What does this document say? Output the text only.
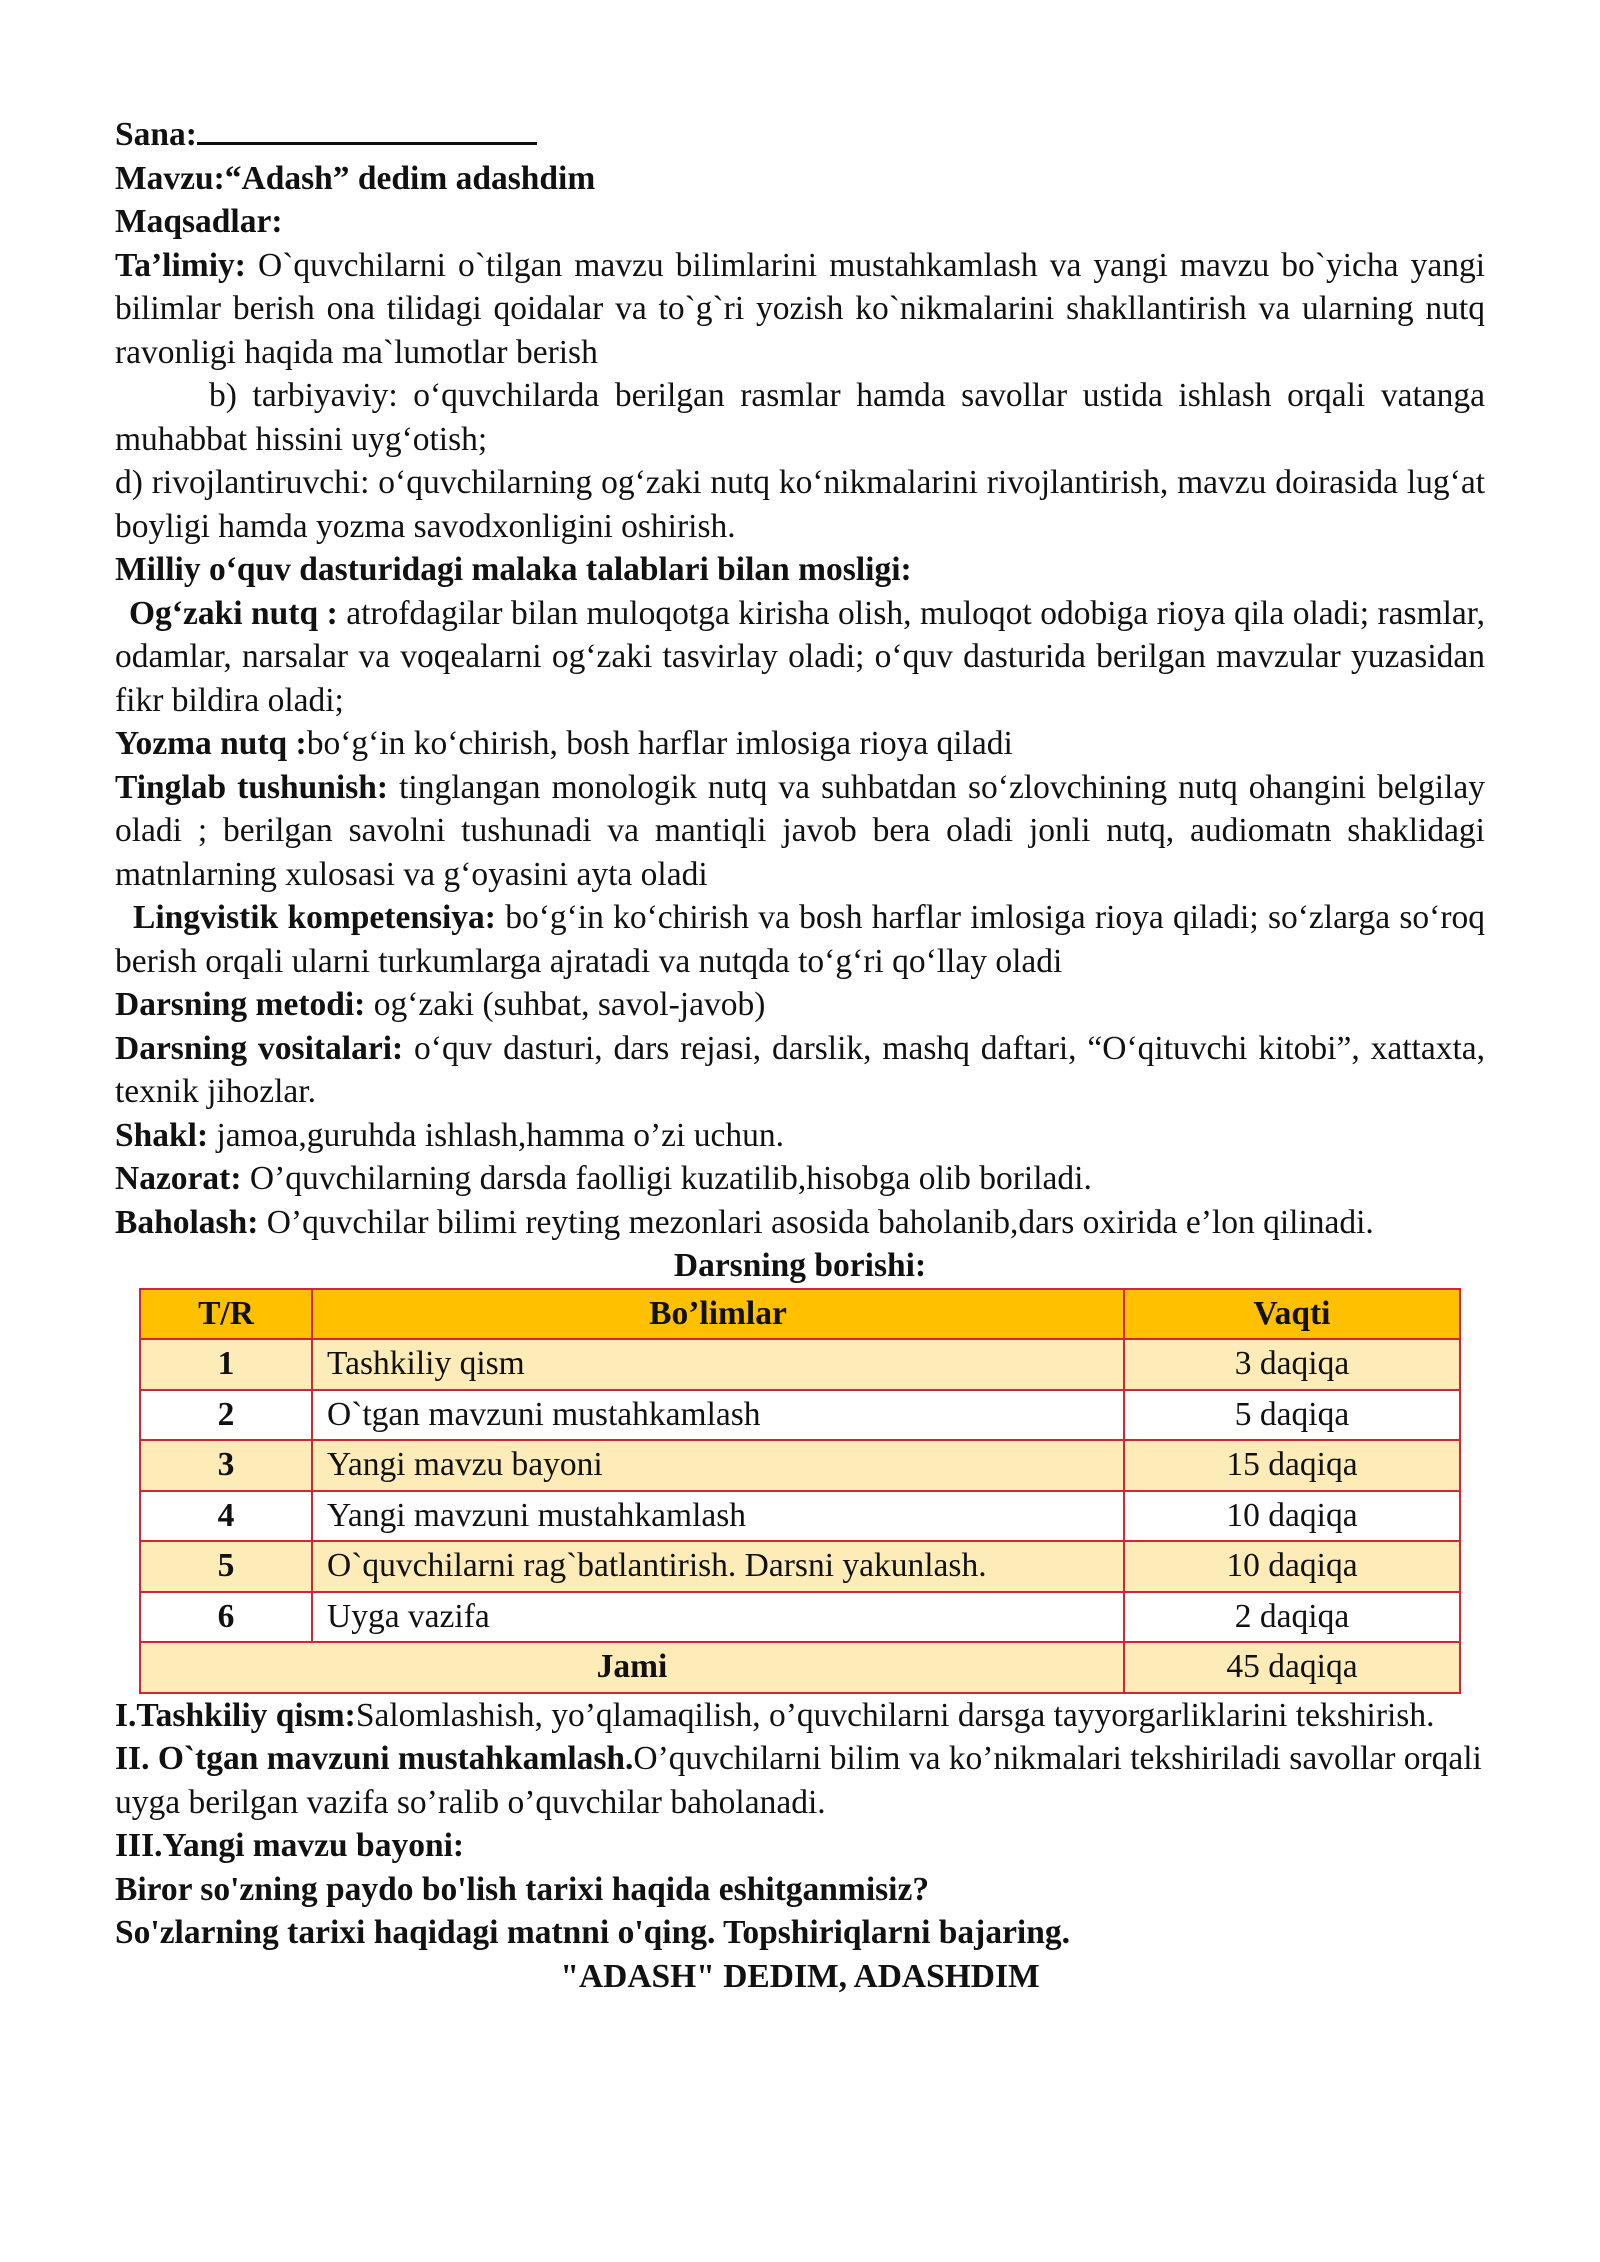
Sana:

Mavzu:“Adash” dedim adashdim

Maqsadlar:

Ta’limiy: O`quvchilarni o`tilgan mavzu bilimlarini mustahkamlash va yangi mavzu bo`yicha yangi bilimlar berish ona tilidagi qoidalar va to`g`ri yozish ko`nikmalarini shakllantirish va ularning nutq ravonligi haqida ma`lumotlar berish

b) tarbiyaviy: o‘quvchilarda berilgan rasmlar hamda savollar ustida ishlash orqali vatanga muhabbat hissini uyg‘otish;

d) rivojlantiruvchi: o‘quvchilarning og‘zaki nutq ko‘nikmalarini rivojlantirish, mavzu doirasida lug‘at boyligi hamda yozma savodxonligini oshirish.

Milliy o‘quv dasturidagi malaka talablari bilan mosligi:

Og‘zaki nutq : atrofdagilar bilan muloqotga kirisha olish, muloqot odobiga rioya qila oladi; rasmlar, odamlar, narsalar va voqealarni og‘zaki tasvirlay oladi; o‘quv dasturida berilgan mavzular yuzasidan fikr bildira oladi;

Yozma nutq :bo‘g‘in ko‘chirish, bosh harflar imlosiga rioya qiladi

Tinglab tushunish: tinglangan monologik nutq va suhbatdan so‘zlovchining nutq ohangini belgilay oladi ; berilgan savolni tushunadi va mantiqli javob bera oladi jonli nutq, audiomatn shaklidagi matnlarning xulosasi va g‘oyasini ayta oladi

Lingvistik kompetensiya: bo‘g‘in ko‘chirish va bosh harflar imlosiga rioya qiladi; so‘zlarga so‘roq berish orqali ularni turkumlarga ajratadi va nutqda to‘g‘ri qo‘llay oladi

Darsning metodi: og‘zaki (suhbat, savol-javob)

Darsning vositalari: o‘quv dasturi, dars rejasi, darslik, mashq daftari, “O‘qituvchi kitobi”, xattaxta, texnik jihozlar.

Shakl: jamoa,guruhda ishlash,hamma o’zi uchun.

Nazorat: O’quvchilarning darsda faolligi kuzatilib,hisobga olib boriladi.

Baholash: O’quvchilar bilimi reyting mezonlari asosida baholanib,dars oxirida e’lon qilinadi.

Darsning borishi:

T/R	Bo’limlar	Vaqti
1	Tashkiliy qism	3 daqiqa
2	O`tgan mavzuni mustahkamlash	5 daqiqa
3	Yangi mavzu bayoni	15 daqiqa
4	Yangi mavzuni mustahkamlash	10 daqiqa
5	O`quvchilarni rag`batlantirish. Darsni yakunlash.	10 daqiqa
6	Uyga vazifa	2 daqiqa
Jami		45 daqiqa

I.Tashkiliy qism:Salomlashish, yo’qlamaqilish, o’quvchilarni darsga tayyorgarliklarini tekshirish.

II. O`tgan mavzuni mustahkamlash.O’quvchilarni bilim va ko’nikmalari tekshiriladi savollar orqali uyga berilgan vazifa so’ralib o’quvchilar baholanadi.

III.Yangi mavzu bayoni:

Biror so'zning paydo bo'lish tarixi haqida eshitganmisiz?

So'zlarning tarixi haqidagi matnni o'qing. Topshiriqlarni bajaring.

"ADASH" DEDIM, ADASHDIM
